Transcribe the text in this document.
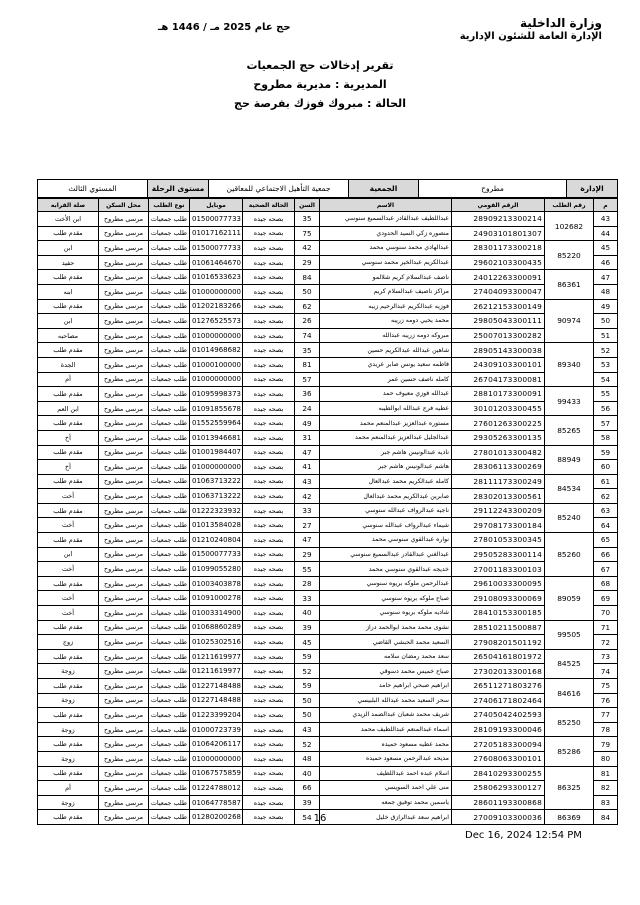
وزارة الداخلية
الإدارة العامة للشئون الإدارية
حج عام 2025 مـ / 1446 هـ
تقرير إدخالات حج الجمعيات
المديرية : مديرية مطروح
الحالة : مبروك فوزك بفرصة حج
الإدارة	مطروح	الجمعية	جمعية التأهيل الاجتماعي للمعاقين	مستوى الرحلة	المستوي الثالث
م	رقم الطلب	الرقم القومي	الاسم	السن	الحالة الصحية	موبايل	نوع الطلب	محل السكن	صلة القرابه
43	102682	28909213300214	عبداللطيف عبدالقادر عبدالسميع سنوسي	35	بصحه جيده	01500077733	طلب جمعيات	مرسى مطروح	ابن الأخت
44		24903101801307	منصوره زكي السيد الحدودي	75	بصحه جيده	01017162111	طلب جمعيات	مرسى مطروح	مقدم طلب
45	85220	28301173300218	عبدالهادي محمد سنوسي محمد	42	بصحه جيده	01500077733	طلب جمعيات	مرسى مطروح	ابن
46		29602103300435	عبدالكريم عبدالخير محمد سنوسي	29	بصحه جيده	01061464670	طلب جمعيات	مرسى مطروح	حفيد
47	86361	24012263300091	ناصف عبدالسلام كريم شلالمو	84	بصحه جيده	01016533623	طلب جمعيات	مرسى مطروح	مقدم طلب
48		27404093300047	مراكز ناصيف عبدالسلام كريم	50	بصحه جيده	01000000000	طلب جمعيات	مرسى مطروح	ابنه
49	90974	26212153300149	فوزيه عبدالكريم عبدالرحيم زيبه	62	بصحه جيده	01202183266	طلب جمعيات	مرسى مطروح	مقدم طلب
50		29805043300111	محمد يحيي دومه زريبه	26	بصحه جيده	01276525573	طلب جمعيات	مرسى مطروح	ابن
51		25007013300282	مبروكه دومه زريبه عبدالله	74	بصحه جيده	01000000000	طلب جمعيات	مرسى مطروح	مصاحبه
52	89340	28905143300038	شاهين عبدالله عبدالكريم حسين	35	بصحه جيده	01014968682	طلب جمعيات	مرسى مطروح	مقدم طلب
53		24309103300101	فاطمه سعيد يونس صابر عريدي	81	بصحه جيده	01000100000	طلب جمعيات	مرسى مطروح	الجدة
54		26704173300081	كامله ناصف حسين عمر	57	بصحه جيده	01000000000	طلب جمعيات	مرسى مطروح	أم
55	99433	28810173300091	عبدالله فوزي معيوف حمد	36	بصحه جيده	01095998373	طلب جمعيات	مرسى مطروح	مقدم طلب
56		30101203300455	عطيه فرج عبدالله ابوالطيبه	24	بصحه جيده	01091855678	طلب جمعيات	مرسى مطروح	ابن العم
57	85265	27601263300225	مستوره عبدالعزيز عبدالمنعم محمد	49	بصحه جيده	01552559964	طلب جمعيات	مرسى مطروح	مقدم طلب
58		29305263300135	عبدالجليل عبدالعزيز عبدالمنعم محمد	31	بصحه جيده	01013946681	طلب جمعيات	مرسى مطروح	أخ
59	88949	27801013300482	ناديه عبدالونيس هاشم جبر	47	بصحه جيده	01001984407	طلب جمعيات	مرسى مطروح	مقدم طلب
60		28306113300269	هاشم عبدالونيس هاشم جبر	41	بصحه جيده	01000000000	طلب جمعيات	مرسى مطروح	أخ
61	84534	28111173300249	كامله عبدالكريم محمد عبدالعال	43	بصحه جيده	01063713222	طلب جمعيات	مرسى مطروح	مقدم طلب
62		28302013300561	صابرين عبدالكريم محمد عبدالعال	42	بصحه جيده	01063713222	طلب جمعيات	مرسى مطروح	أخت
63	85240	29112243300209	ناجيه عبدالرواف عبدالله سنوسي	33	بصحه جيده	01222323932	طلب جمعيات	مرسى مطروح	مقدم طلب
64		29708173300184	شيماء عبدالرواف عبدالله سنوسي	27	بصحه جيده	01013584028	طلب جمعيات	مرسى مطروح	أخت
65	85260	27801053300345	نواره عبدالقوي سنوسي محمد	47	بصحه جيده	01210240804	طلب جمعيات	مرسى مطروح	مقدم طلب
66		29505283300114	عبدالغني عبدالقادر عبدالسميع سنوسي	29	بصحه جيده	01500077733	طلب جمعيات	مرسى مطروح	ابن
67		27001183300103	خديجه عبدالقوي سنوسي محمد	55	بصحه جيده	01099055280	طلب جمعيات	مرسى مطروح	أخت
68	89059	29610033300095	عبدالرحمن ملوكه بريوه سنوسي	28	بصحه جيده	01003403878	طلب جمعيات	مرسى مطروح	مقدم طلب
69		29108093300069	صباح ملوكه بريوه سنوسي	33	بصحه جيده	01091000278	طلب جمعيات	مرسى مطروح	أخت
70		28410153300185	شاديه ملوكه بريوه سنوسي	40	بصحه جيده	01003314900	طلب جمعيات	مرسى مطروح	أخت
71	99505	28510211500887	نشوى محمد محمد ابوالحمد دراز	39	بصحه جيده	01068860289	طلب جمعيات	مرسى مطروح	مقدم طلب
72		27908201501192	السعيد محمد الحبشي القاضي	45	بصحه جيده	01025302516	طلب جمعيات	مرسى مطروح	زوج
73	84525	26504161801972	سعد محمد رمضان سلامه	59	بصحه جيده	01211619977	طلب جمعيات	مرسى مطروح	مقدم طلب
74		27302013300168	صباح خميس محمد دسوقي	52	بصحه جيده	01211619977	طلب جمعيات	مرسى مطروح	زوجة
75	84616	26511271803276	ابراهيم صبحي ابراهيم حامد	59	بصحه جيده	01227148488	طلب جمعيات	مرسى مطروح	مقدم طلب
76		27406171802464	سحر السعيد محمد عبدالله البلبيسي	50	بصحه جيده	01227148488	طلب جمعيات	مرسى مطروح	زوجة
77	85250	27405042402593	شريف محمد شعبان عبدالصمد الزيدي	50	بصحه جيده	01223399204	طلب جمعيات	مرسى مطروح	مقدم طلب
78		28109193300046	اسماء عبدالمنعم عبداللطيف محمد	43	بصحه جيده	01000723739	طلب جمعيات	مرسى مطروح	زوجة
79	85286	27205183300094	محمد عطيه مسعود حميده	52	بصحه جيده	01064206117	طلب جمعيات	مرسى مطروح	مقدم طلب
80		27608063300101	مديحه عبدالرحمن مسعود حميده	48	بصحه جيده	01000000000	طلب جمعيات	مرسى مطروح	زوجة
81	86325	28410293300255	اسلام عبده احمد عبداللطيف	40	بصحه جيده	01067575859	طلب جمعيات	مرسى مطروح	مقدم طلب
82		25806293300127	منى علي احمد السويسي	66	بصحه جيده	01224788012	طلب جمعيات	مرسى مطروح	أم
83		28601193300868	ياسمين محمد توفيق جمعه	39	بصحه جيده	01064778587	طلب جمعيات	مرسى مطروح	زوجة
84	86369	27009103300036	ابراهيم سعد عبدالرازق خليل	54	بصحه جيده	01280200268	طلب جمعيات	مرسى مطروح	مقدم طلب	16
Dec 16, 2024 12:54 PM
